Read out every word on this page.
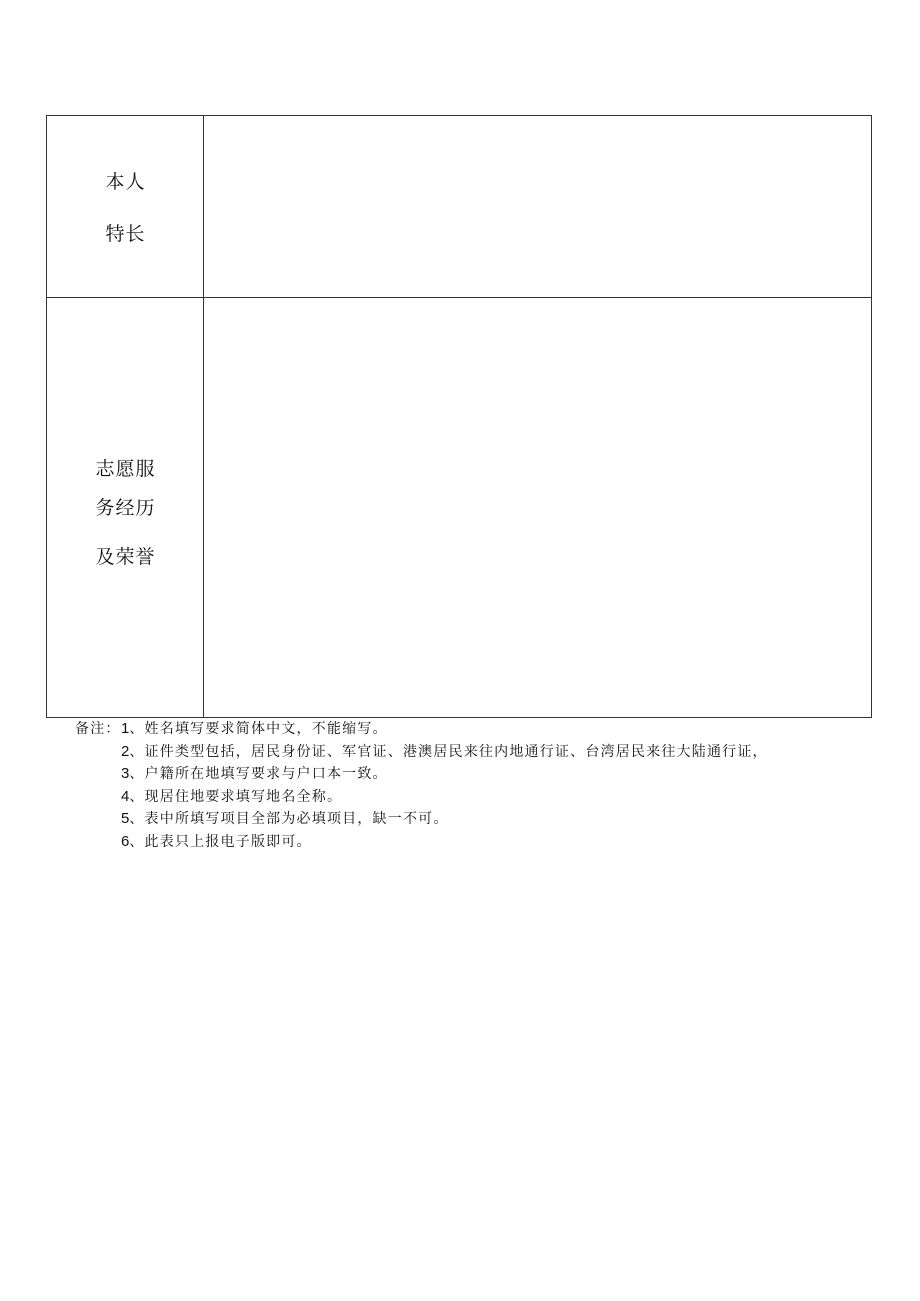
本人
特长
志愿服
务经历
及荣誉
备注：1、姓名填写要求简体中文，不能缩写。
2、证件类型包括，居民身份证、军官证、港澳居民来往内地通行证、台湾居民来往大陆通行证，
3、户籍所在地填写要求与户口本一致。
4、现居住地要求填写地名全称。
5、表中所填写项目全部为必填项目，缺一不可。
6、此表只上报电子版即可。
